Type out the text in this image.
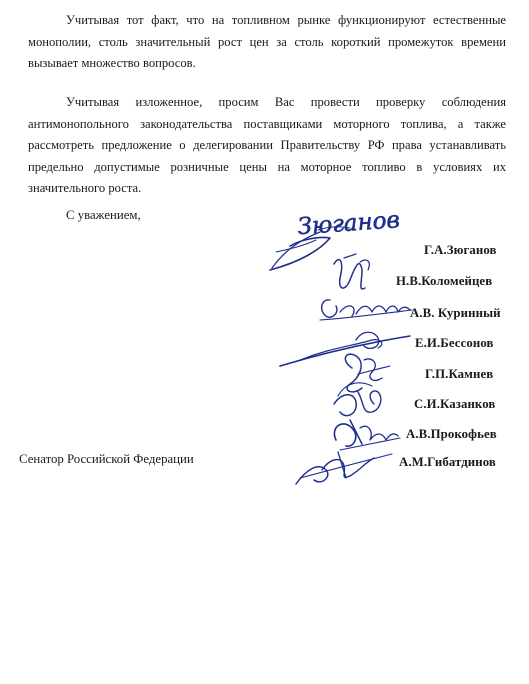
Учитывая тот факт, что на топливном рынке функционируют естественные монополии, столь значительный рост цен за столь короткий промежуток времени вызывает множество вопросов.

Учитывая изложенное, просим Вас провести проверку соблюдения антимонопольного законодательства поставщиками моторного топлива, а также рассмотреть предложение о делегировании Правительству РФ права устанавливать предельно допустимые розничные цены на моторное топливо в условиях их значительного роста.

С уважением,

Г.А.Зюганов

Н.В.Коломейцев

А.В. Куринный

Е.И.Бессонов

Г.П.Камнев

С.И.Казанков

А.В.Прокофьев

А.М.Гибатдинов

Сенатор Российской Федерации

Зюганов
